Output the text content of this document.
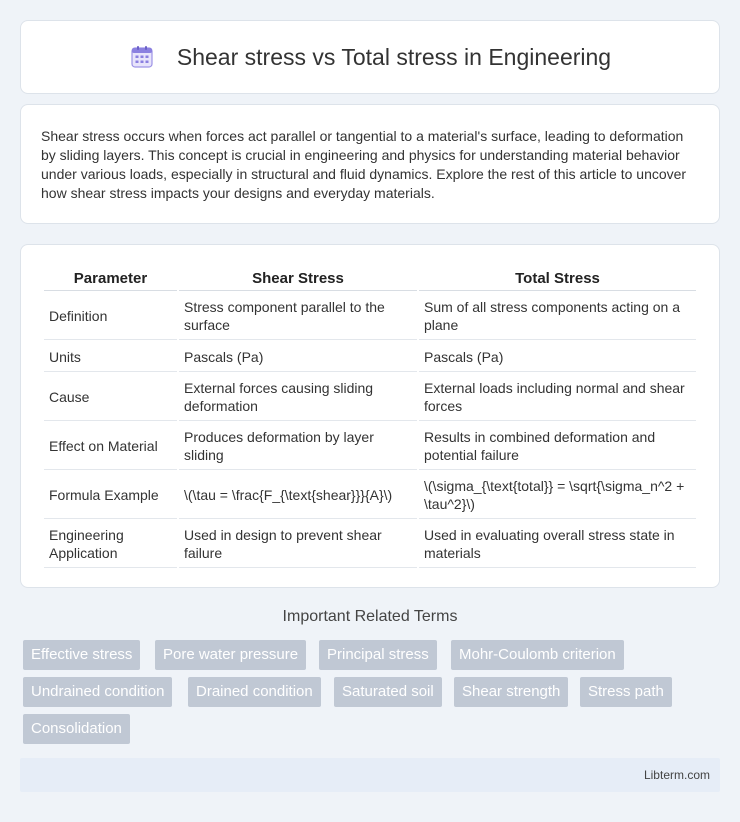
Shear stress vs Total stress in Engineering

Shear stress occurs when forces act parallel or tangential to a material's surface, leading to deformation by sliding layers. This concept is crucial in engineering and physics for understanding material behavior under various loads, especially in structural and fluid dynamics. Explore the rest of this article to uncover how shear stress impacts your designs and everyday materials.

Parameter	Shear Stress	Total Stress
Definition	Stress component parallel to the surface	Sum of all stress components acting on a plane
Units	Pascals (Pa)	Pascals (Pa)
Cause	External forces causing sliding deformation	External loads including normal and shear forces
Effect on Material	Produces deformation by layer sliding	Results in combined deformation and potential failure
Formula Example	\(\tau = \frac{F_{\text{shear}}}{A}\)	\(\sigma_{\text{total}} = \sqrt{\sigma_n^2 + \tau^2}\)
Engineering Application	Used in design to prevent shear failure	Used in evaluating overall stress state in materials
Important Related Terms
Effective stress	Pore water pressure	Principal stress	Mohr-Coulomb criterion
Undrained condition	Drained condition	Saturated soil	Shear strength	Stress path
Consolidation
Libterm.com
